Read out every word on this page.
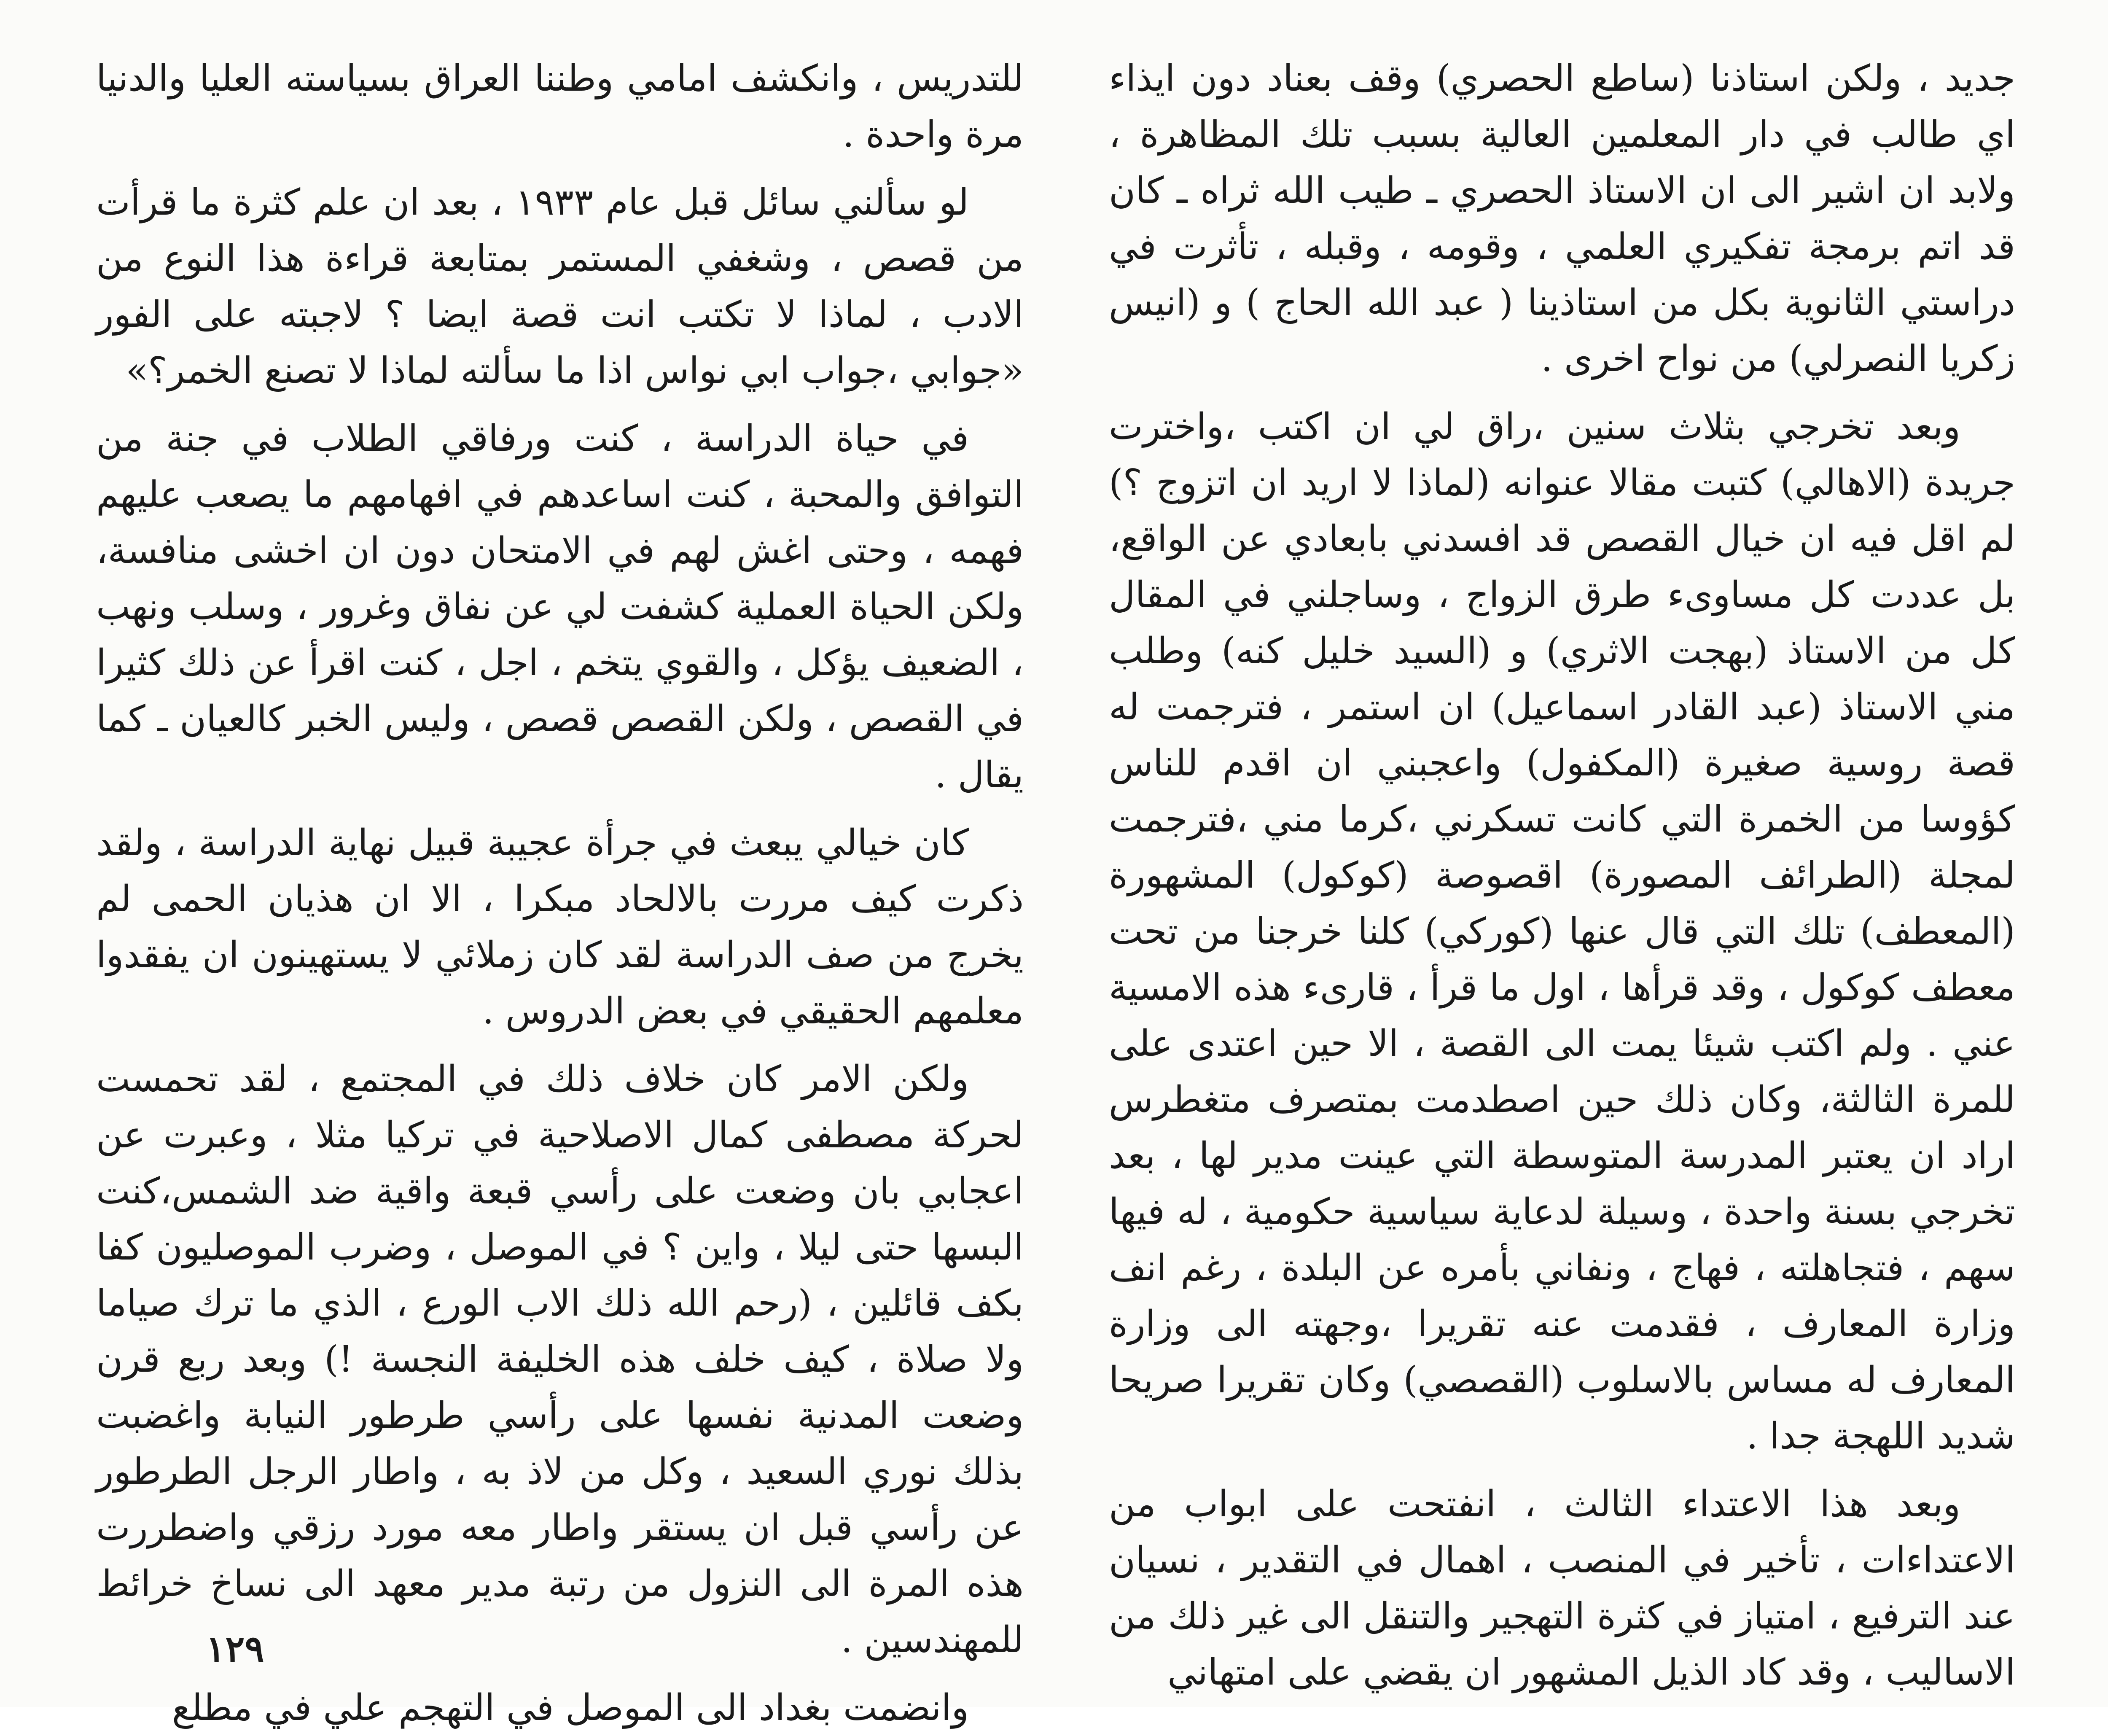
جديد ، ولكن استاذنا (ساطع الحصري) وقف بعناد دون ايذاء اي طالب في دار المعلمين العالية بسبب تلك المظاهرة ، ولابد ان اشير الى ان الاستاذ الحصري ـ طيب الله ثراه ـ كان قد اتم برمجة تفكيري العلمي ، وقومه ، وقبله ، تأثرت في دراستي الثانوية بكل من استاذينا ( عبد الله الحاج ) و (انيس زكريا النصرلي) من نواح اخرى .

وبعد تخرجي بثلاث سنين ،راق لي ان اكتب ،واخترت جريدة (الاهالي) كتبت مقالا عنوانه (لماذا لا اريد ان اتزوج ؟) لم اقل فيه ان خيال القصص قد افسدني بابعادي عن الواقع، بل عددت كل مساوىء طرق الزواج ، وساجلني في المقال كل من الاستاذ (بهجت الاثري) و (السيد خليل كنه) وطلب مني الاستاذ (عبد القادر اسماعيل) ان استمر ، فترجمت له قصة روسية صغيرة (المكفول) واعجبني ان اقدم للناس كؤوسا من الخمرة التي كانت تسكرني ،كرما مني ،فترجمت لمجلة (الطرائف المصورة) اقصوصة (كوكول) المشهورة (المعطف) تلك التي قال عنها (كوركي) كلنا خرجنا من تحت معطف كوكول ، وقد قرأها ، اول ما قرأ ، قارىء هذه الامسية عني . ولم اكتب شيئا يمت الى القصة ، الا حين اعتدى على للمرة الثالثة، وكان ذلك حين اصطدمت بمتصرف متغطرس اراد ان يعتبر المدرسة المتوسطة التي عينت مدير لها ، بعد تخرجي بسنة واحدة ، وسيلة لدعاية سياسية حكومية ، له فيها سهم ، فتجاهلته ، فهاج ، ونفاني بأمره عن البلدة ، رغم انف وزارة المعارف ، فقدمت عنه تقريرا ،وجهته الى وزارة المعارف له مساس بالاسلوب (القصصي) وكان تقريرا صريحا شديد اللهجة جدا .

وبعد هذا الاعتداء الثالث ، انفتحت على ابواب من الاعتداءات ، تأخير في المنصب ، اهمال في التقدير ، نسيان عند الترفيع ، امتياز في كثرة التهجير والتنقل الى غير ذلك من الاساليب ، وقد كاد الذيل المشهور ان يقضي على امتهاني

للتدريس ، وانكشف امامي وطننا العراق بسياسته العليا والدنيا مرة واحدة .

لو سألني سائل قبل عام ١٩٣٣ ، بعد ان علم كثرة ما قرأت من قصص ، وشغفي المستمر بمتابعة قراءة هذا النوع من الادب ، لماذا لا تكتب انت قصة ايضا ؟ لاجبته على الفور «جوابي ،جواب ابي نواس اذا ما سألته لماذا لا تصنع الخمر؟»

في حياة الدراسة ، كنت ورفاقي الطلاب في جنة من التوافق والمحبة ، كنت اساعدهم في افهامهم ما يصعب عليهم فهمه ، وحتى اغش لهم في الامتحان دون ان اخشى منافسة، ولكن الحياة العملية كشفت لي عن نفاق وغرور ، وسلب ونهب ، الضعيف يؤكل ، والقوي يتخم ، اجل ، كنت اقرأ عن ذلك كثيرا في القصص ، ولكن القصص قصص ، وليس الخبر كالعيان ـ كما يقال .

كان خيالي يبعث في جرأة عجيبة قبيل نهاية الدراسة ، ولقد ذكرت كيف مررت بالالحاد مبكرا ، الا ان هذيان الحمى لم يخرج من صف الدراسة لقد كان زملائي لا يستهينون ان يفقدوا معلمهم الحقيقي في بعض الدروس .

ولكن الامر كان خلاف ذلك في المجتمع ، لقد تحمست لحركة مصطفى كمال الاصلاحية في تركيا مثلا ، وعبرت عن اعجابي بان وضعت على رأسي قبعة واقية ضد الشمس،كنت البسها حتى ليلا ، واين ؟ في الموصل ، وضرب الموصليون كفا بكف قائلين ، (رحم الله ذلك الاب الورع ، الذي ما ترك صياما ولا صلاة ، كيف خلف هذه الخليفة النجسة !) وبعد ربع قرن وضعت المدنية نفسها على رأسي طرطور النيابة واغضبت بذلك نوري السعيد ، وكل من لاذ به ، واطار الرجل الطرطور عن رأسي قبل ان يستقر واطار معه مورد رزقي واضطررت هذه المرة الى النزول من رتبة مدير معهد الى نساخ خرائط للمهندسين .

وانضمت بغداد الى الموصل في التهجم علي في مطلع

١٢٩
